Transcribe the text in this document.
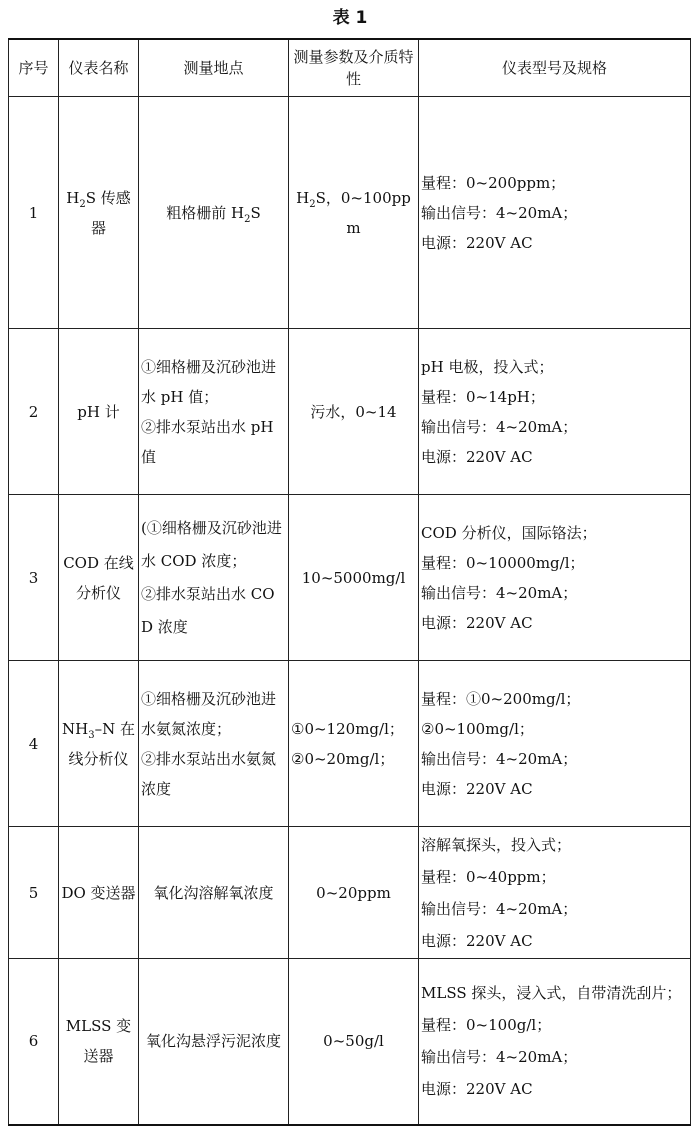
表 1
序号	仪表名称	测量地点	测量参数及介质特性	仪表型号及规格
1	$H_2S$ 传感器	粗格栅前 $H_2S$	$H_2S$，0~100ppm	量程：0~200ppm；
输出信号：4~20mA；
电源：220V AC

2	pH 计	①细格栅及沉砂池进水 pH 值；
②排水泵站出水 pH 值	污水，0~14	pH 电极，投入式；
量程：0~14pH；
输出信号：4~20mA；
电源：220V AC

3	COD 在线分析仪	(①细格栅及沉砂池进水 COD 浓度；
②排水泵站出水 COD 浓度	10~5000mg/l	COD 分析仪，国际铬法；
量程：0~10000mg/l；
输出信号：4~20mA；
电源：220V AC

4	$NH_3-N$ 在线分析仪	①细格栅及沉砂池进水氨氮浓度；
②排水泵站出水氨氮浓度	①0~120mg/l；
②0~20mg/l；	量程：①0~200mg/l；
②0~100mg/l；
输出信号：4~20mA；
电源：220V AC

5	DO 变送器	氧化沟溶解氧浓度	0~20ppm	溶解氧探头，投入式；
量程：0~40ppm；
输出信号：4~20mA；
电源：220V AC

6	MLSS 变送器	氧化沟悬浮污泥浓度	0~50g/l	MLSS 探头，浸入式，自带清洗刮片；
量程：0~100g/l；
输出信号：4~20mA；
电源：220V AC
